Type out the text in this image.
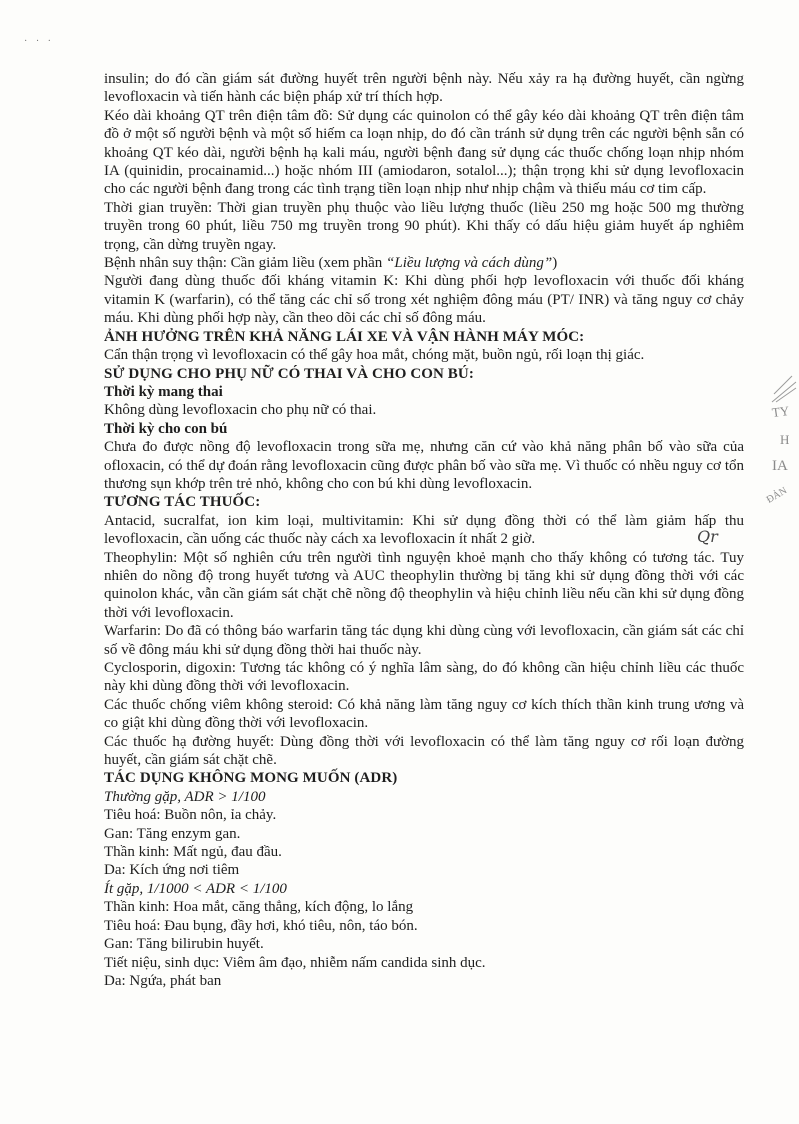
· · ·

insulin; do đó cần giám sát đường huyết trên người bệnh này. Nếu xảy ra hạ đường huyết, cần ngừng levofloxacin và tiến hành các biện pháp xử trí thích hợp.

Kéo dài khoảng QT trên điện tâm đồ: Sử dụng các quinolon có thể gây kéo dài khoảng QT trên điện tâm đồ ở một số người bệnh và một số hiếm ca loạn nhịp, do đó cần tránh sử dụng trên các người bệnh sẵn có khoảng QT kéo dài, người bệnh hạ kali máu, người bệnh đang sử dụng các thuốc chống loạn nhịp nhóm IA (quinidin, procainamid...) hoặc nhóm III (amiodaron, sotalol...); thận trọng khi sử dụng levofloxacin cho các người bệnh đang trong các tình trạng tiền loạn nhịp như nhịp chậm và thiếu máu cơ tim cấp.

Thời gian truyền: Thời gian truyền phụ thuộc vào liều lượng thuốc (liều 250 mg hoặc 500 mg thường truyền trong 60 phút, liều 750 mg truyền trong 90 phút). Khi thấy có dấu hiệu giảm huyết áp nghiêm trọng, cần dừng truyền ngay.

Bệnh nhân suy thận: Cần giảm liều (xem phần “Liều lượng và cách dùng”)

Người đang dùng thuốc đối kháng vitamin K: Khi dùng phối hợp levofloxacin với thuốc đối kháng vitamin K (warfarin), có thể tăng các chỉ số trong xét nghiệm đông máu (PT/ INR) và tăng nguy cơ chảy máu. Khi dùng phối hợp này, cần theo dõi các chỉ số đông máu.

ẢNH HƯỞNG TRÊN KHẢ NĂNG LÁI XE VÀ VẬN HÀNH MÁY MÓC:

Cẩn thận trọng vì levofloxacin có thể gây hoa mắt, chóng mặt, buồn ngủ, rối loạn thị giác.

SỬ DỤNG CHO PHỤ NỮ CÓ THAI VÀ CHO CON BÚ:

Thời kỳ mang thai

Không dùng levofloxacin cho phụ nữ có thai.

Thời kỳ cho con bú

Chưa đo được nồng độ levofloxacin trong sữa mẹ, nhưng căn cứ vào khả năng phân bố vào sữa của ofloxacin, có thể dự đoán rằng levofloxacin cũng được phân bố vào sữa mẹ. Vì thuốc có nhều nguy cơ tổn thương sụn khớp trên trẻ nhỏ, không cho con bú khi dùng levofloxacin.

TƯƠNG TÁC THUỐC:

Antacid, sucralfat, ion kim loại, multivitamin: Khi sử dụng đồng thời có thể làm giảm hấp thu levofloxacin, cần uống các thuốc này cách xa levofloxacin ít nhất 2 giờ.

Theophylin: Một số nghiên cứu trên người tình nguyện khoẻ mạnh cho thấy không có tương tác. Tuy nhiên do nồng độ trong huyết tương và AUC theophylin thường bị tăng khi sử dụng đồng thời với các quinolon khác, vẫn cần giám sát chặt chẽ nồng độ theophylin và hiệu chỉnh liều nếu cần khi sử dụng đồng thời với levofloxacin.

Warfarin: Do đã có thông báo warfarin tăng tác dụng khi dùng cùng với levofloxacin, cần giám sát các chỉ số về đông máu khi sử dụng đồng thời hai thuốc này.

Cyclosporin, digoxin: Tương tác không có ý nghĩa lâm sàng, do đó không cần hiệu chỉnh liều các thuốc này khi dùng đồng thời với levofloxacin.

Các thuốc chống viêm không steroid: Có khả năng làm tăng nguy cơ kích thích thần kinh trung ương và co giật khi dùng đồng thời với levofloxacin.

Các thuốc hạ đường huyết: Dùng đồng thời với levofloxacin có thể làm tăng nguy cơ rối loạn đường huyết, cần giám sát chặt chẽ.

TÁC DỤNG KHÔNG MONG MUỐN (ADR)

Thường gặp, ADR > 1/100

Tiêu hoá: Buồn nôn, ỉa chảy.

Gan: Tăng enzym gan.

Thần kinh: Mất ngủ, đau đầu.

Da: Kích ứng nơi tiêm

Ít gặp, 1/1000 < ADR < 1/100

Thần kinh: Hoa mắt, căng thẳng, kích động, lo lắng

Tiêu hoá: Đau bụng, đầy hơi, khó tiêu, nôn, táo bón.

Gan: Tăng bilirubin huyết.

Tiết niệu, sinh dục: Viêm âm đạo, nhiễm nấm candida sinh dục.

Da: Ngứa, phát ban

Qr
TY
H
IA
ĐẢN
